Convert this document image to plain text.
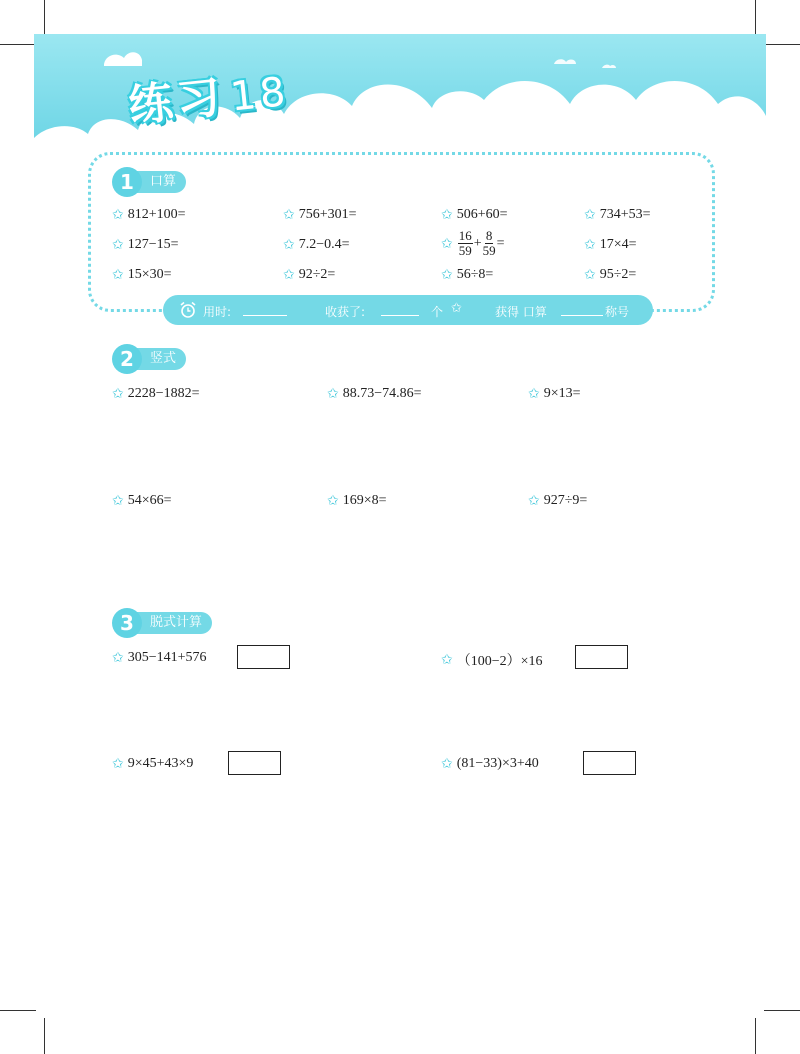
练习18
口算
1
✩ 812+100=	✩ 756+301=	✩ 506+60=	✩ 734+53=
✩ 127−15=	✩ 7.2−0.4=	✩ $\frac{16}{59} + \frac{8}{59}$ =	✩ 17×4=
✩ 15×30=	✩ 92÷2=	✩ 56÷8=	✩ 95÷2=
用时:	收获了:	个 ✩	获得 口算	称号
竖式
2
✩ 2228−1882=	✩ 88.73−74.86=	✩ 9×13=
✩ 54×66=	✩ 169×8=	✩ 927÷9=
脱式计算
3
✩ 305−141+576	✩ （100−2）×16
✩ 9×45+43×9	✩ (81−33)×3+40
